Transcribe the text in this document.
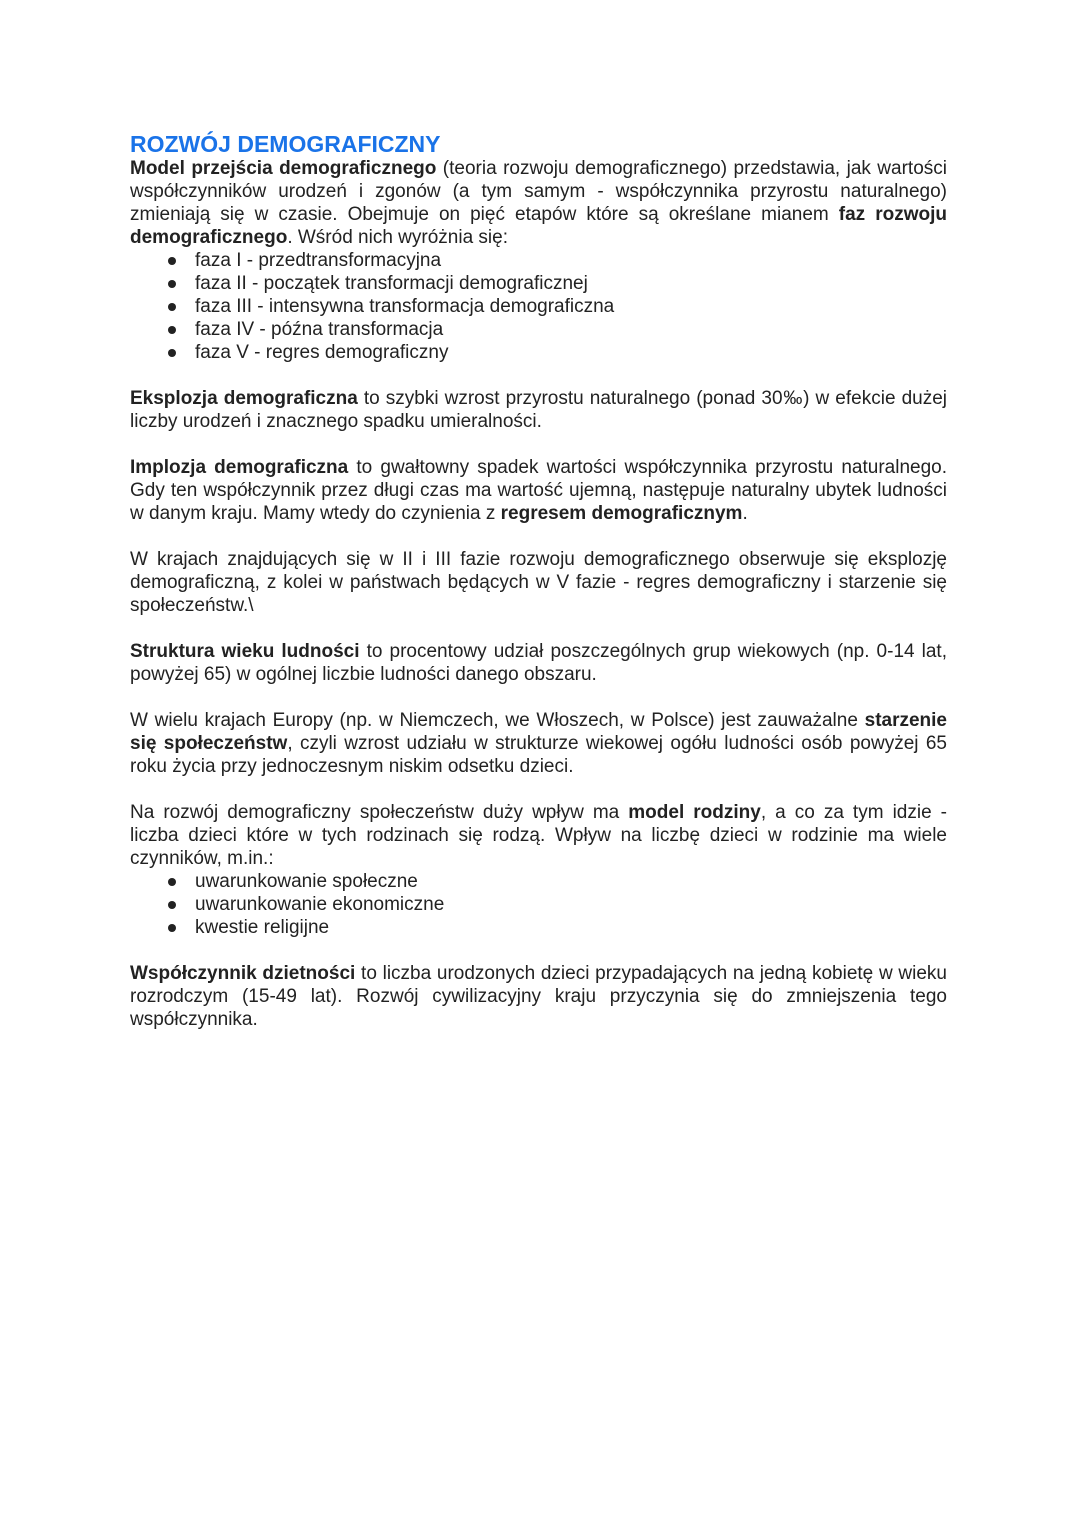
ROZWÓJ DEMOGRAFICZNY

Model przejścia demograficznego (teoria rozwoju demograficznego) przedstawia, jak wartości współczynników urodzeń i zgonów (a tym samym - współczynnika przyrostu naturalnego) zmieniają się w czasie. Obejmuje on pięć etapów które są określane mianem faz rozwoju demograficznego. Wśród nich wyróżnia się:

faza I - przedtransformacyjna
faza II - początek transformacji demograficznej
faza III - intensywna transformacja demograficzna
faza IV - późna transformacja
faza V - regres demograficzny

Eksplozja demograficzna to szybki wzrost przyrostu naturalnego (ponad 30‰) w efekcie dużej liczby urodzeń i znacznego spadku umieralności.

Implozja demograficzna to gwałtowny spadek wartości współczynnika przyrostu naturalnego. Gdy ten współczynnik przez długi czas ma wartość ujemną, następuje naturalny ubytek ludności w danym kraju. Mamy wtedy do czynienia z regresem demograficznym.

W krajach znajdujących się w II i III fazie rozwoju demograficznego obserwuje się eksplozję demograficzną, z kolei w państwach będących w V fazie - regres demograficzny i starzenie się społeczeństw.\

Struktura wieku ludności to procentowy udział poszczególnych grup wiekowych (np. 0-14 lat, powyżej 65) w ogólnej liczbie ludności danego obszaru.

W wielu krajach Europy (np. w Niemczech, we Włoszech, w Polsce) jest zauważalne starzenie się społeczeństw, czyli wzrost udziału w strukturze wiekowej ogółu ludności osób powyżej 65 roku życia przy jednoczesnym niskim odsetku dzieci.

Na rozwój demograficzny społeczeństw duży wpływ ma model rodziny, a co za tym idzie - liczba dzieci które w tych rodzinach się rodzą. Wpływ na liczbę dzieci w rodzinie ma wiele czynników, m.in.:

uwarunkowanie społeczne
uwarunkowanie ekonomiczne
kwestie religijne

Współczynnik dzietności to liczba urodzonych dzieci przypadających na jedną kobietę w wieku rozrodczym (15-49 lat). Rozwój cywilizacyjny kraju przyczynia się do zmniejszenia tego współczynnika.
